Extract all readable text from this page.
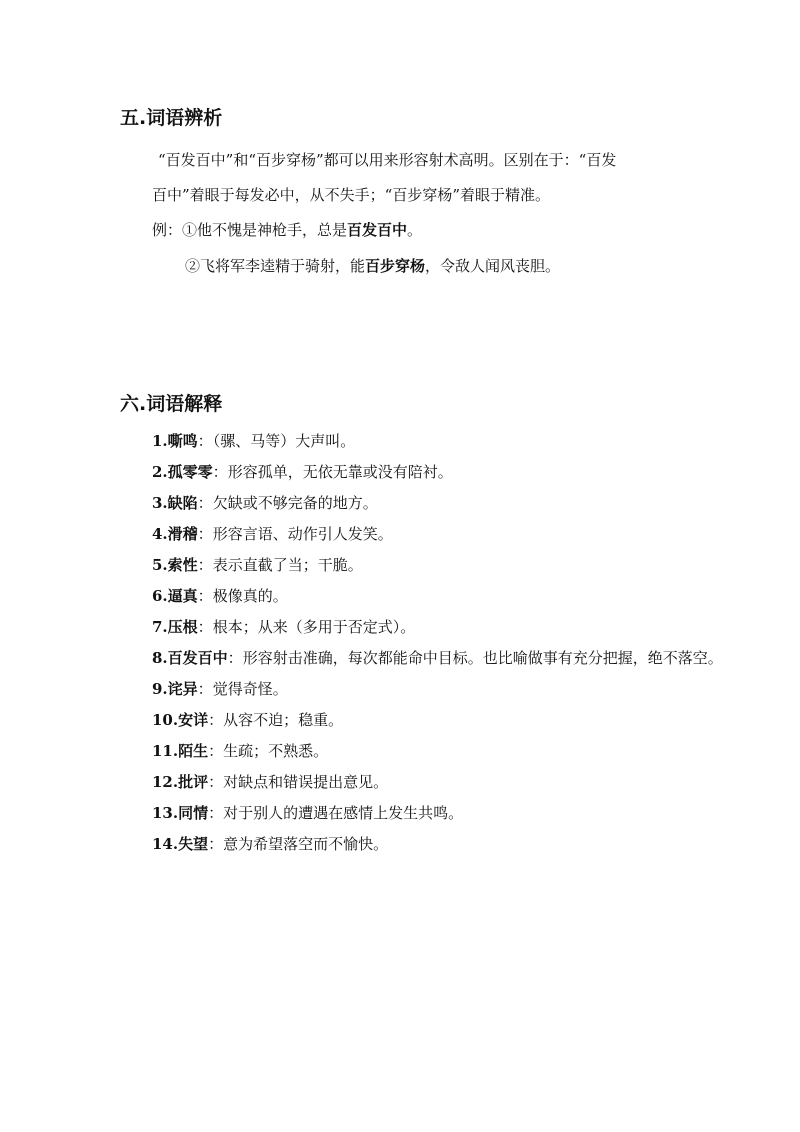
五.词语辨析
“百发百中”和“百步穿杨”都可以用来形容射术高明。区别在于：“百发
百中”着眼于每发必中，从不失手；“百步穿杨”着眼于精准。
例：①他不愧是神枪手，总是百发百中。
②飞将军李逵精于骑射，能百步穿杨，令敌人闻风丧胆。
六.词语解释
1.嘶鸣：（骡、马等）大声叫。
2.孤零零：形容孤单，无依无靠或没有陪衬。
3.缺陷：欠缺或不够完备的地方。
4.滑稽：形容言语、动作引人发笑。
5.索性：表示直截了当；干脆。
6.逼真：极像真的。
7.压根：根本；从来（多用于否定式）。
8.百发百中：形容射击准确，每次都能命中目标。也比喻做事有充分把握，绝不落空。
9.诧异：觉得奇怪。
10.安详：从容不迫；稳重。
11.陌生：生疏；不熟悉。
12.批评：对缺点和错误提出意见。
13.同情：对于别人的遭遇在感情上发生共鸣。
14.失望：意为希望落空而不愉快。
